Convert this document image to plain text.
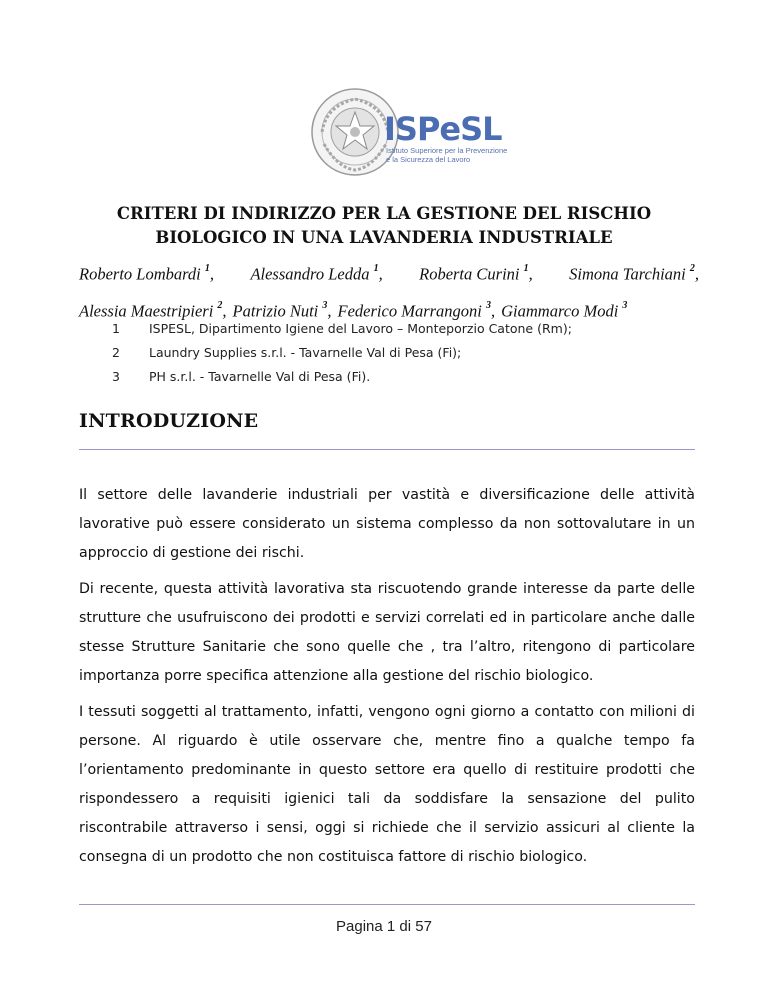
ISPeSL
Istituto Superiore per la Prevenzione
e la Sicurezza del Lavoro
CRITERI DI INDIRIZZO PER LA GESTIONE DEL RISCHIO
BIOLOGICO IN UNA LAVANDERIA INDUSTRIALE
Roberto Lombardi $^1$, Alessandro Ledda $^1$, Roberta Curini $^1$, Simona Tarchiani $^2$,
Alessia Maestripieri $^2$, Patrizio Nuti $^3$, Federico Marrangoni $^3$, Giammarco Modi $^3$
1 ISPESL, Dipartimento Igiene del Lavoro – Monteporzio Catone (Rm);
2 Laundry Supplies s.r.l. - Tavarnelle Val di Pesa (Fi);
3 PH s.r.l. - Tavarnelle Val di Pesa (Fi).
INTRODUZIONE

Il settore delle lavanderie industriali per vastità e diversificazione delle attività lavorative può essere considerato un sistema complesso da non sottovalutare in un approccio di gestione dei rischi.

Di recente, questa attività lavorativa sta riscuotendo grande interesse da parte delle strutture che usufruiscono dei prodotti e servizi correlati ed in particolare anche dalle stesse Strutture Sanitarie che sono quelle che , tra l’altro, ritengono di particolare importanza porre specifica attenzione alla gestione del rischio biologico.

I tessuti soggetti al trattamento, infatti, vengono ogni giorno a contatto con milioni di persone. Al riguardo è utile osservare che, mentre fino a qualche tempo fa l’orientamento predominante in questo settore era quello di restituire prodotti che rispondessero a requisiti igienici tali da soddisfare la sensazione del pulito riscontrabile attraverso i sensi, oggi si richiede che il servizio assicuri al cliente la consegna di un prodotto che non costituisca fattore di rischio biologico.

Pagina 1 di 57
